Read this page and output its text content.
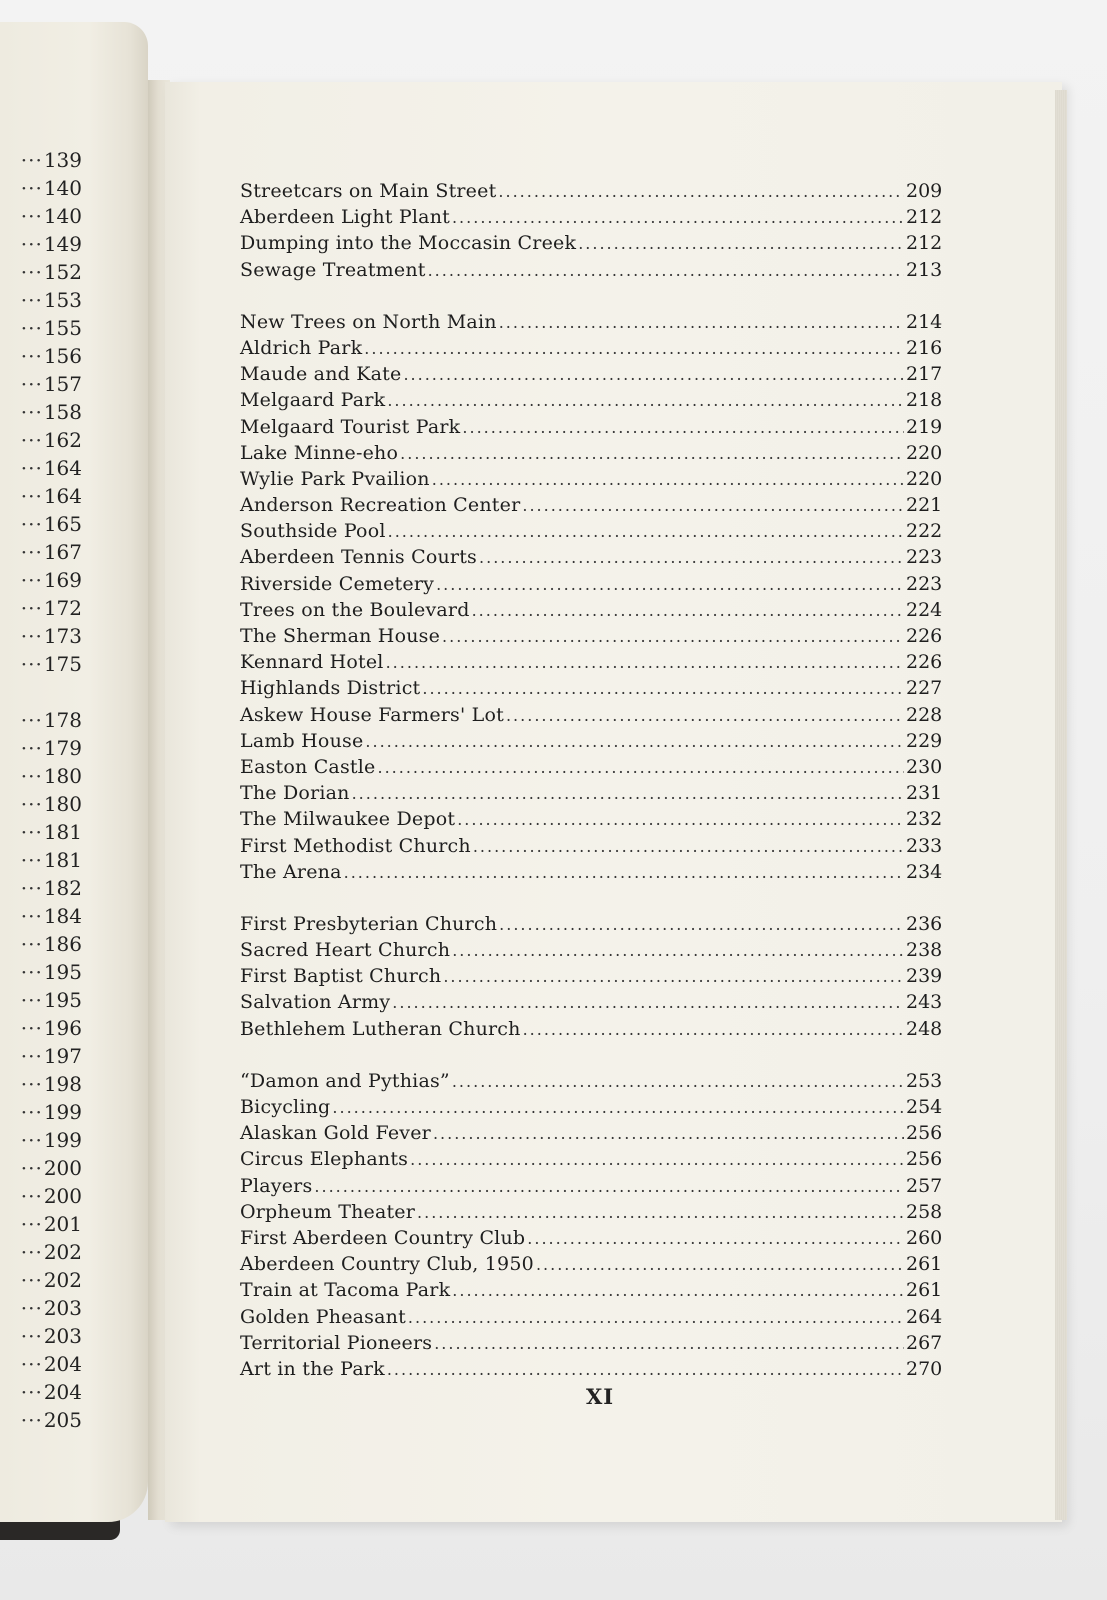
··· 139
··· 140
··· 140
··· 149
··· 152
··· 153
··· 155
··· 156
··· 157
··· 158
··· 162
··· 164
··· 164
··· 165
··· 167
··· 169
··· 172
··· 173
··· 175
··· 178
··· 179
··· 180
··· 180
··· 181
··· 181
··· 182
··· 184
··· 186
··· 195
··· 195
··· 196
··· 197
··· 198
··· 199
··· 199
··· 200
··· 200
··· 201
··· 202
··· 202
··· 203
··· 203
··· 204
··· 204
··· 205
Streetcars on Main Street .....	209
Aberdeen Light Plant .....	212
Dumping into the Moccasin Creek .....	212
Sewage Treatment .....	213
New Trees on North Main .....	214
Aldrich Park .....	216
Maude and Kate .....	217
Melgaard Park .....	218
Melgaard Tourist Park .....	219
Lake Minne-eho .....	220
Wylie Park Pvailion .....	220
Anderson Recreation Center .....	221
Southside Pool .....	222
Aberdeen Tennis Courts .....	223
Riverside Cemetery .....	223
Trees on the Boulevard .....	224
The Sherman House .....	226
Kennard Hotel .....	226
Highlands District .....	227
Askew House Farmers' Lot .....	228
Lamb House .....	229
Easton Castle .....	230
The Dorian .....	231
The Milwaukee Depot .....	232
First Methodist Church .....	233
The Arena .....	234
First Presbyterian Church .....	236
Sacred Heart Church .....	238
First Baptist Church .....	239
Salvation Army .....	243
Bethlehem Lutheran Church .....	248
“Damon and Pythias” .....	253
Bicycling .....	254
Alaskan Gold Fever .....	256
Circus Elephants .....	256
Players .....	257
Orpheum Theater .....	258
First Aberdeen Country Club .....	260
Aberdeen Country Club, 1950 .....	261
Train at Tacoma Park .....	261
Golden Pheasant .....	264
Territorial Pioneers .....	267
Art in the Park .....	270
XI
